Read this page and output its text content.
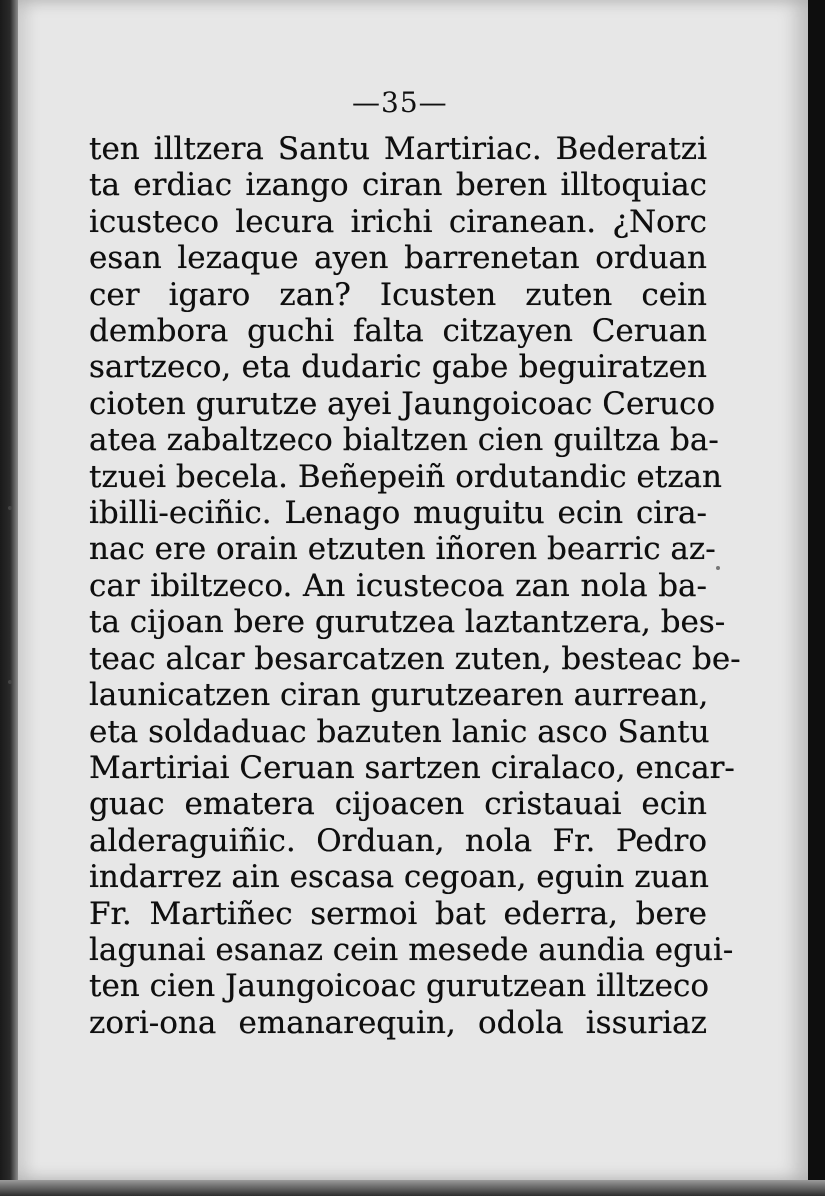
—35—
ten illtzera Santu Martiriac. Bederatzi
ta erdiac izango ciran beren illtoquiac
icusteco lecura irichi ciranean. ¿Norc
esan lezaque ayen barrenetan orduan
cer igaro zan? Icusten zuten cein
dembora guchi falta citzayen Ceruan
sartzeco, eta dudaric gabe beguiratzen
cioten gurutze ayei Jaungoicoac Ceruco
atea zabaltzeco bialtzen cien guiltza ba-
tzuei becela. Beñepeiñ ordutandic etzan
ibilli-eciñic. Lenago muguitu ecin cira-
nac ere orain etzuten iñoren bearric az-
car ibiltzeco. An icustecoa zan nola ba-
ta cijoan bere gurutzea laztantzera, bes-
teac alcar besarcatzen zuten, besteac be-
launicatzen ciran gurutzearen aurrean,
eta soldaduac bazuten lanic asco Santu
Martiriai Ceruan sartzen ciralaco, encar-
guac ematera cijoacen cristauai ecin
alderaguiñic. Orduan, nola Fr. Pedro
indarrez ain escasa cegoan, eguin zuan
Fr. Martiñec sermoi bat ederra, bere
lagunai esanaz cein mesede aundia egui-
ten cien Jaungoicoac gurutzean illtzeco
zori-ona emanarequin, odola issuriaz
